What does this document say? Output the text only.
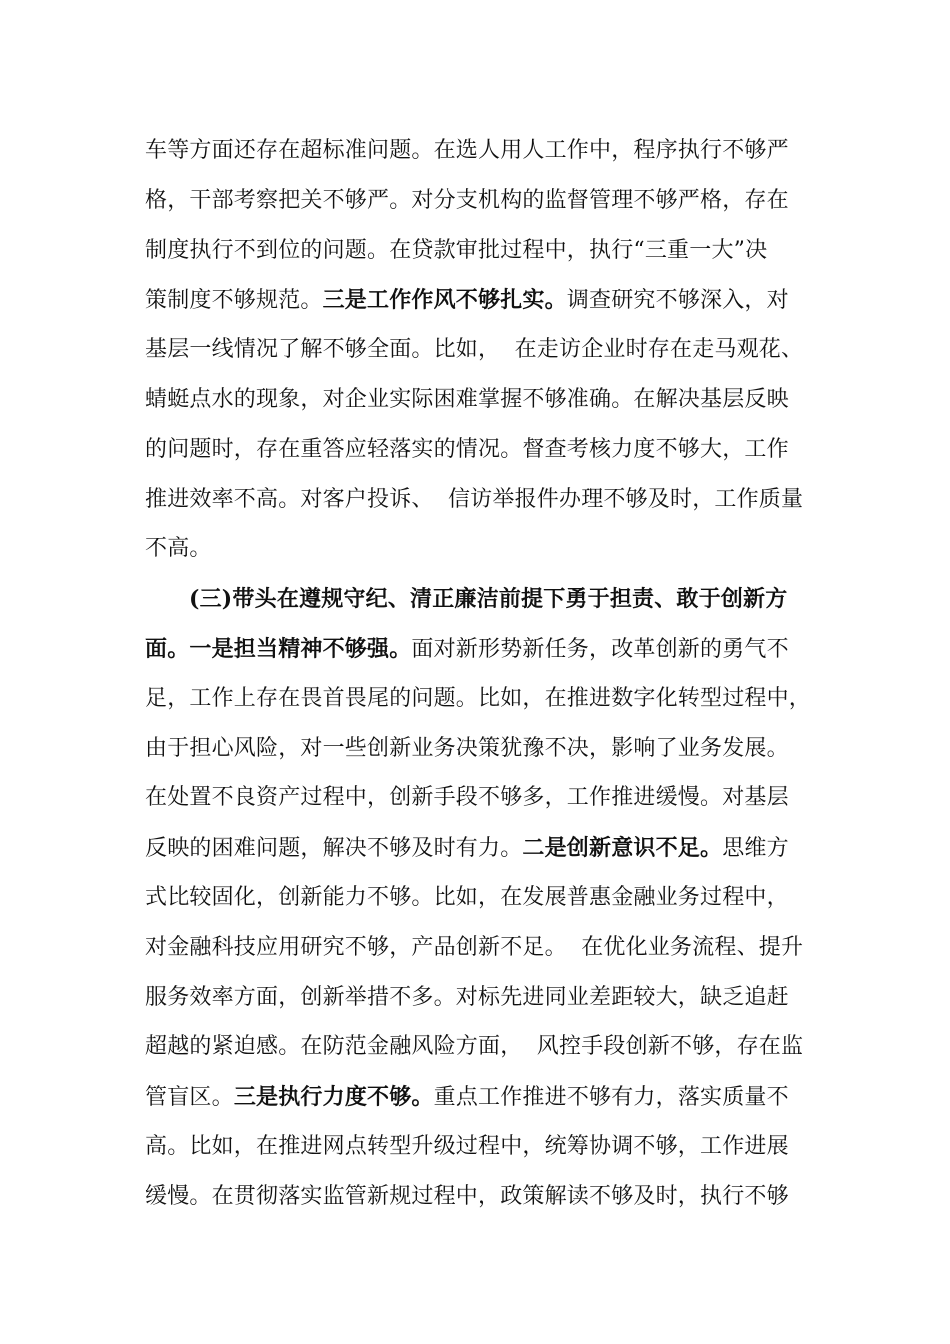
车等方面还存在超标准问题。在选人用人工作中，程序执行不够严
格，干部考察把关不够严。对分支机构的监督管理不够严格，存在
制度执行不到位的问题。在贷款审批过程中，执行“三重一大”决
策制度不够规范。三是工作作风不够扎实。调查研究不够深入，对
基层一线情况了解不够全面。比如，  在走访企业时存在走马观花、
蜻蜓点水的现象，对企业实际困难掌握不够准确。在解决基层反映
的问题时，存在重答应轻落实的情况。督查考核力度不够大，工作
推进效率不高。对客户投诉、  信访举报件办理不够及时，工作质量
不高。
(三)带头在遵规守纪、清正廉洁前提下勇于担责、敢于创新方
面。一是担当精神不够强。面对新形势新任务，改革创新的勇气不
足，工作上存在畏首畏尾的问题。比如，在推进数字化转型过程中，
由于担心风险，对一些创新业务决策犹豫不决，影响了业务发展。
在处置不良资产过程中，创新手段不够多，工作推进缓慢。对基层
反映的困难问题，解决不够及时有力。二是创新意识不足。思维方
式比较固化，创新能力不够。比如，在发展普惠金融业务过程中，
对金融科技应用研究不够，产品创新不足。  在优化业务流程、提升
服务效率方面，创新举措不多。对标先进同业差距较大，缺乏追赶
超越的紧迫感。在防范金融风险方面，  风控手段创新不够，存在监
管盲区。三是执行力度不够。重点工作推进不够有力，落实质量不
高。比如，在推进网点转型升级过程中，统筹协调不够，工作进展
缓慢。在贯彻落实监管新规过程中，政策解读不够及时，执行不够
